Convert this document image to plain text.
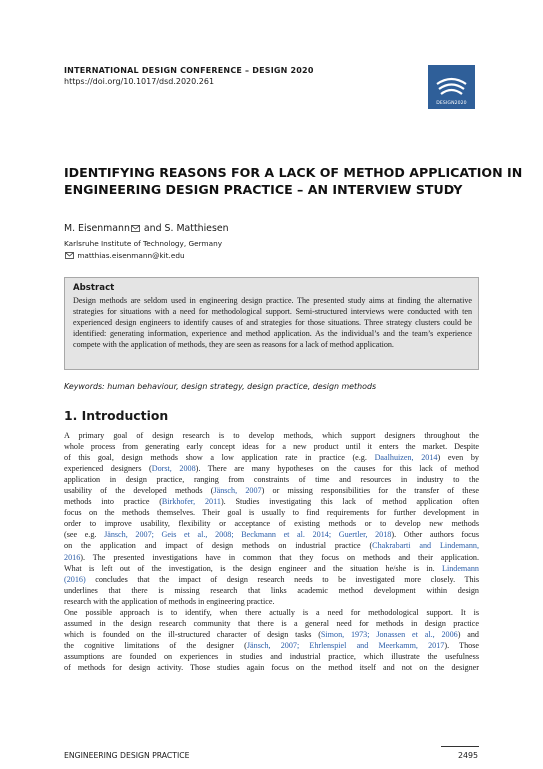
INTERNATIONAL DESIGN CONFERENCE – DESIGN 2020
https://doi.org/10.1017/dsd.2020.261
DESIGN2020
IDENTIFYING REASONS FOR A LACK OF METHOD APPLICATION IN
ENGINEERING DESIGN PRACTICE – AN INTERVIEW STUDY
M. Eisenmann and S. Matthiesen
Karlsruhe Institute of Technology, Germany
matthias.eisenmann@kit.edu
Abstract
Design methods are seldom used in engineering design practice. The presented study aims at finding the alternative strategies for situations with a need for methodological support. Semi-structured interviews were conducted with ten experienced design engineers to identify causes of and strategies for those situations. Three strategy clusters could be identified: generating information, experience and method application. As the individual’s and the team’s experience compete with the application of methods, they are seen as reasons for a lack of method application.
Keywords: human behaviour, design strategy, design practice, design methods
1. Introduction
A primary goal of design research is to develop methods, which support designers throughout the
whole process from generating early concept ideas for a new product until it enters the market. Despite
of this goal, design methods show a low application rate in practice (e.g. Daalhuizen, 2014) even by
experienced designers (Dorst, 2008). There are many hypotheses on the causes for this lack of method
application in design practice, ranging from constraints of time and resources in industry to the
usability of the developed methods (Jänsch, 2007) or missing responsibilities for the transfer of these
methods into practice (Birkhofer, 2011). Studies investigating this lack of method application often
focus on the methods themselves. Their goal is usually to find requirements for further development in
order to improve usability, flexibility or acceptance of existing methods or to develop new methods
(see e.g. Jänsch, 2007; Geis et al., 2008; Beckmann et al. 2014; Guertler, 2018). Other authors focus
on the application and impact of design methods on industrial practice (Chakrabarti and Lindemann,
2016). The presented investigations have in common that they focus on methods and their application.
What is left out of the investigation, is the design engineer and the situation he/she is in. Lindemann
(2016) concludes that the impact of design research needs to be investigated more closely. This
underlines that there is missing research that links academic method development within design
research with the application of methods in engineering practice.
One possible approach is to identify, when there actually is a need for methodological support. It is
assumed in the design research community that there is a general need for methods in design practice
which is founded on the ill-structured character of design tasks (Simon, 1973; Jonassen et al., 2006) and
the cognitive limitations of the designer (Jänsch, 2007; Ehrlenspiel and Meerkamm, 2017). Those
assumptions are founded on experiences in studies and industrial practice, which illustrate the usefulness
of methods for design activity. Those studies again focus on the method itself and not on the designer
ENGINEERING DESIGN PRACTICE	2495
